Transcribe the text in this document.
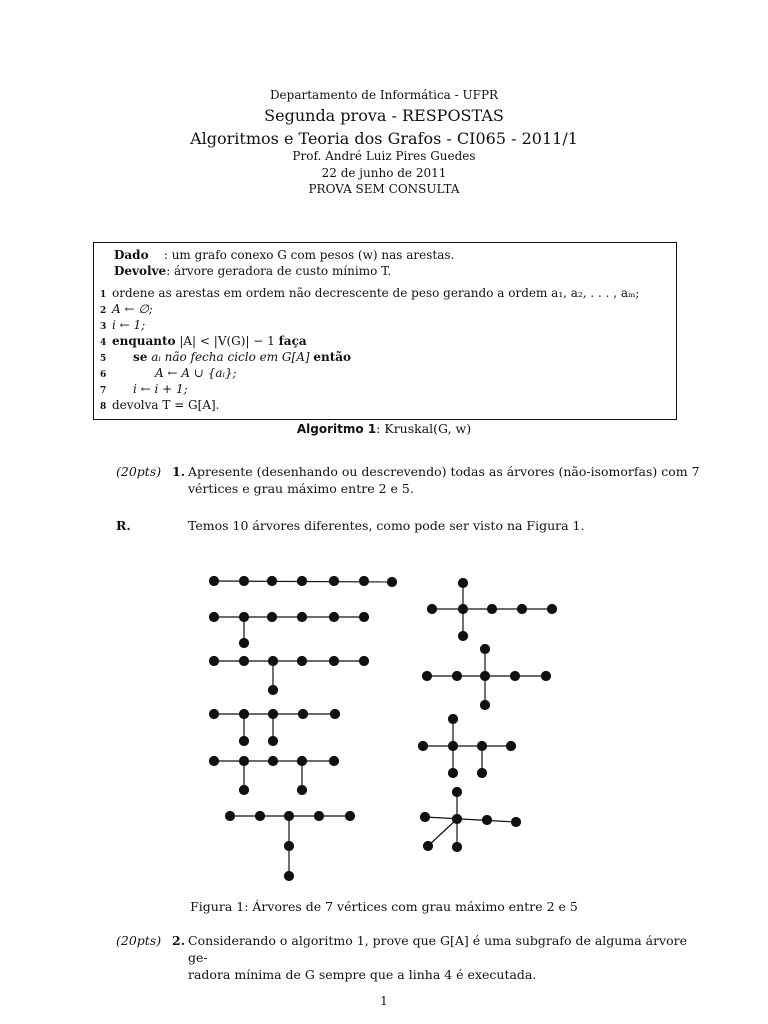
Departamento de Informática - UFPR
Segunda prova - RESPOSTAS
Algoritmos e Teoria dos Grafos - CI065 - 2011/1
Prof. André Luiz Pires Guedes
22 de junho de 2011
PROVA SEM CONSULTA
Dado : um grafo conexo G com pesos (w) nas arestas.
Devolve: árvore geradora de custo mínimo T.
1 ordene as arestas em ordem não decrescente de peso gerando a ordem a₁, a₂, . . . , aₘ;
2 A ← ∅;
3 i ← 1;
4 enquanto |A| < |V(G)| − 1 faça
5 se aᵢ não fecha ciclo em G[A] então
6	A ← A ∪ {aᵢ};
7 i ← i + 1;
8 devolva T = G[A].
Algoritmo 1: Kruskal(G, w)
(20pts) 1. Apresente (desenhando ou descrevendo) todas as árvores (não-isomorfas) com 7
vértices e grau máximo entre 2 e 5.
R.	Temos 10 árvores diferentes, como pode ser visto na Figura 1.
Figura 1: Árvores de 7 vértices com grau máximo entre 2 e 5
(20pts) 2. Considerando o algoritmo 1, prove que G[A] é uma subgrafo de alguma árvore ge-
radora mínima de G sempre que a linha 4 é executada.
1
